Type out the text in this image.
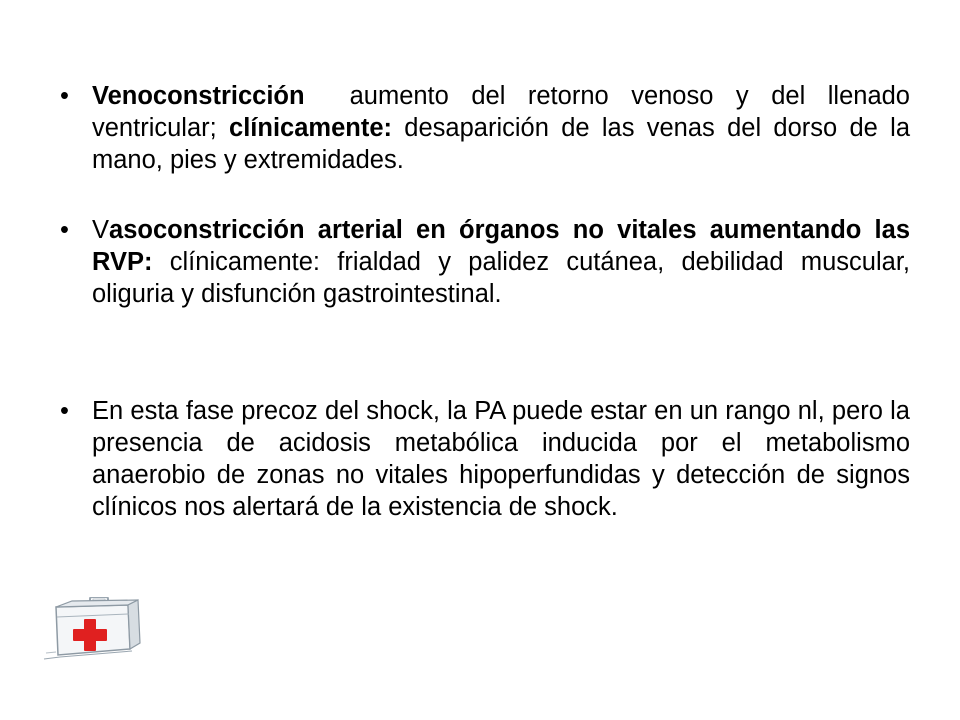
• Venoconstricción  aumento del retorno venoso y del llenado ventricular; clínicamente: desaparición de las venas del dorso de la mano, pies y extremidades.
• Vasoconstricción arterial en órganos no vitales aumentando las RVP: clínicamente: frialdad y palidez cutánea, debilidad muscular, oliguria y disfunción gastrointestinal.
• En esta fase precoz del shock, la PA puede estar en un rango nl, pero la presencia de acidosis metabólica inducida por el metabolismo anaerobio de zonas no vitales hipoperfundidas y detección de signos clínicos nos alertará de la existencia de shock.
